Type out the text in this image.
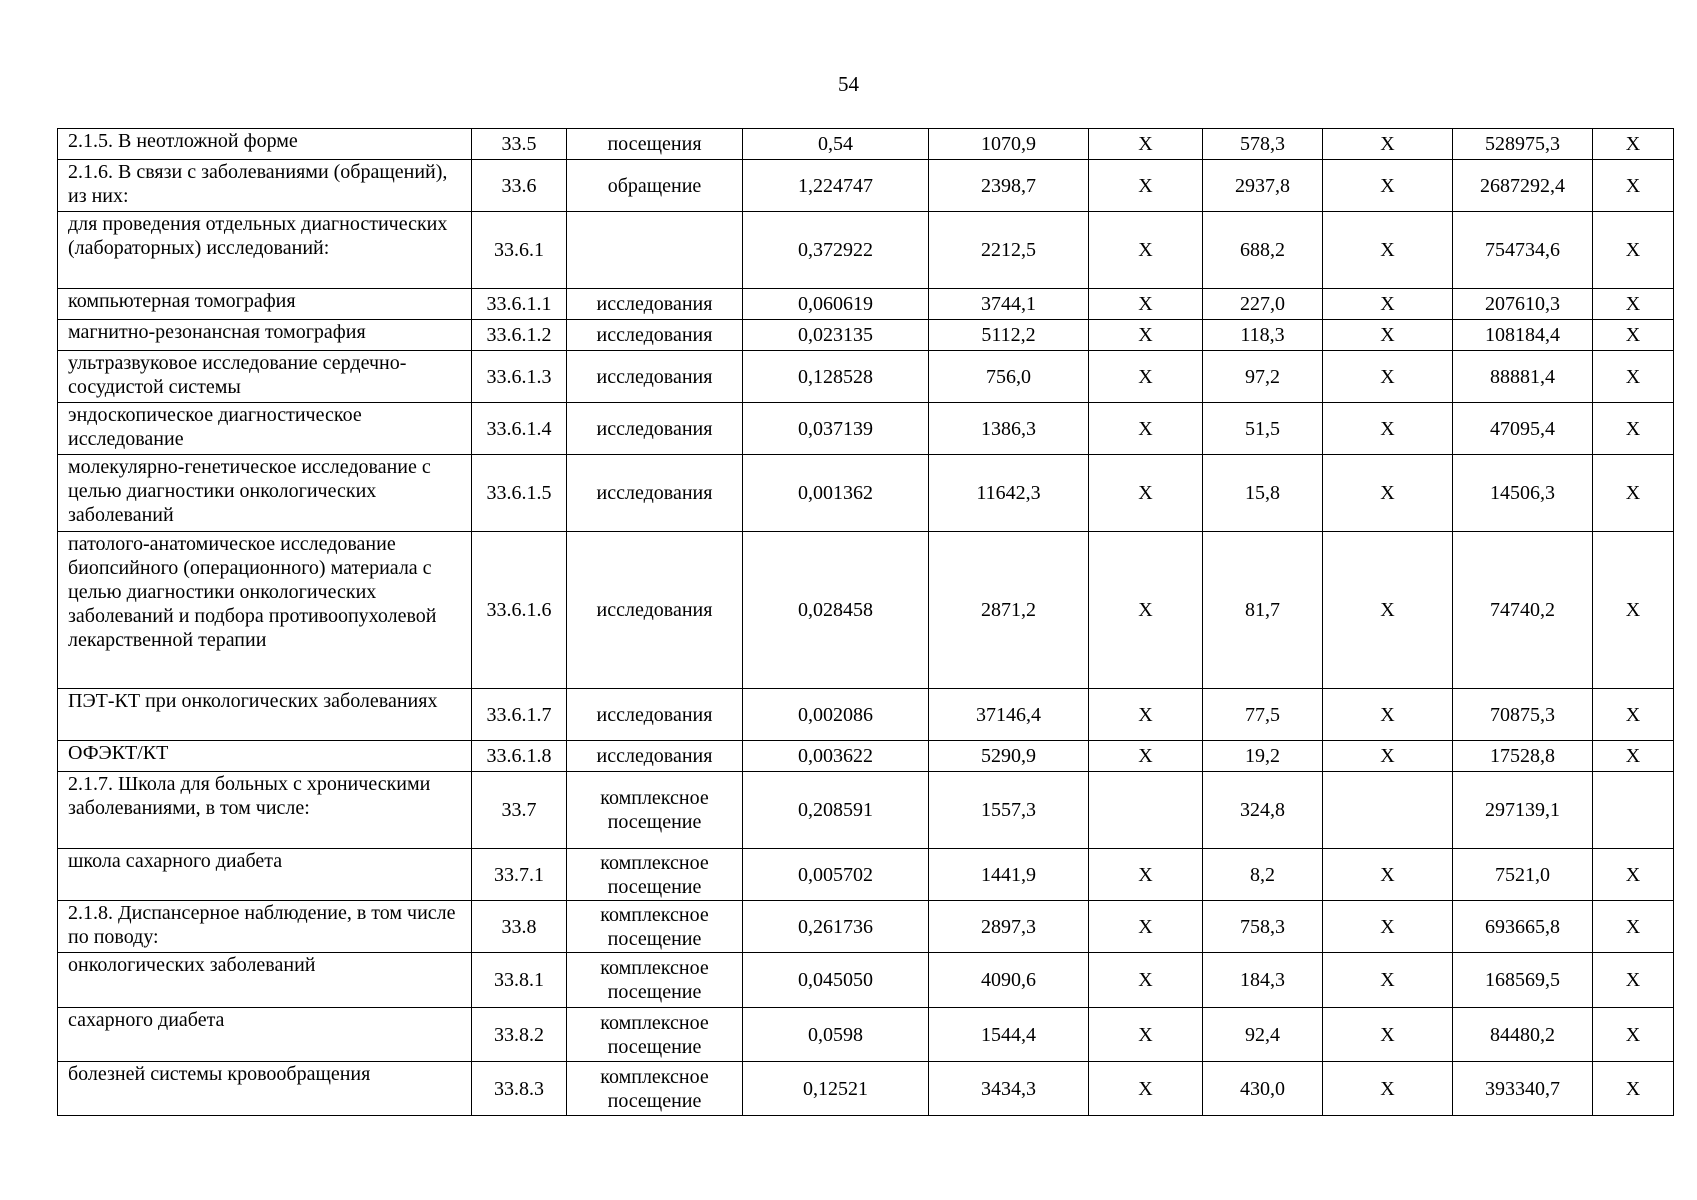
54
2.1.5. В неотложной форме	33.5	посещения	0,54	1070,9	Х	578,3	Х	528975,3	Х
2.1.6. В связи с заболеваниями (обращений), из них:	33.6	обращение	1,224747	2398,7	Х	2937,8	Х	2687292,4	Х
для проведения отдельных диагностических (лабораторных) исследований:	33.6.1		0,372922	2212,5	Х	688,2	Х	754734,6	Х
компьютерная томография	33.6.1.1	исследования	0,060619	3744,1	Х	227,0	Х	207610,3	Х
магнитно-резонансная томография	33.6.1.2	исследования	0,023135	5112,2	Х	118,3	Х	108184,4	Х
ультразвуковое исследование сердечно-сосудистой системы	33.6.1.3	исследования	0,128528	756,0	Х	97,2	Х	88881,4	Х
эндоскопическое диагностическое исследование	33.6.1.4	исследования	0,037139	1386,3	Х	51,5	Х	47095,4	Х
молекулярно-генетическое исследование с целью диагностики онкологических заболеваний	33.6.1.5	исследования	0,001362	11642,3	Х	15,8	Х	14506,3	Х
патолого-анатомическое исследование биопсийного (операционного) материала с целью диагностики онкологических заболеваний и подбора противоопухолевой лекарственной терапии	33.6.1.6	исследования	0,028458	2871,2	Х	81,7	Х	74740,2	Х
ПЭТ-КТ при онкологических заболеваниях	33.6.1.7	исследования	0,002086	37146,4	Х	77,5	Х	70875,3	Х
ОФЭКТ/КТ	33.6.1.8	исследования	0,003622	5290,9	Х	19,2	Х	17528,8	Х
2.1.7. Школа для больных с хроническими заболеваниями, в том числе:	33.7	комплексное посещение	0,208591	1557,3		324,8		297139,1	
школа сахарного диабета	33.7.1	комплексное посещение	0,005702	1441,9	Х	8,2	Х	7521,0	Х
2.1.8. Диспансерное наблюдение, в том числе по поводу:	33.8	комплексное посещение	0,261736	2897,3	Х	758,3	Х	693665,8	Х
онкологических заболеваний	33.8.1	комплексное посещение	0,045050	4090,6	Х	184,3	Х	168569,5	Х
сахарного диабета	33.8.2	комплексное посещение	0,0598	1544,4	Х	92,4	Х	84480,2	Х
болезней системы кровообращения	33.8.3	комплексное посещение	0,12521	3434,3	Х	430,0	Х	393340,7	Х
